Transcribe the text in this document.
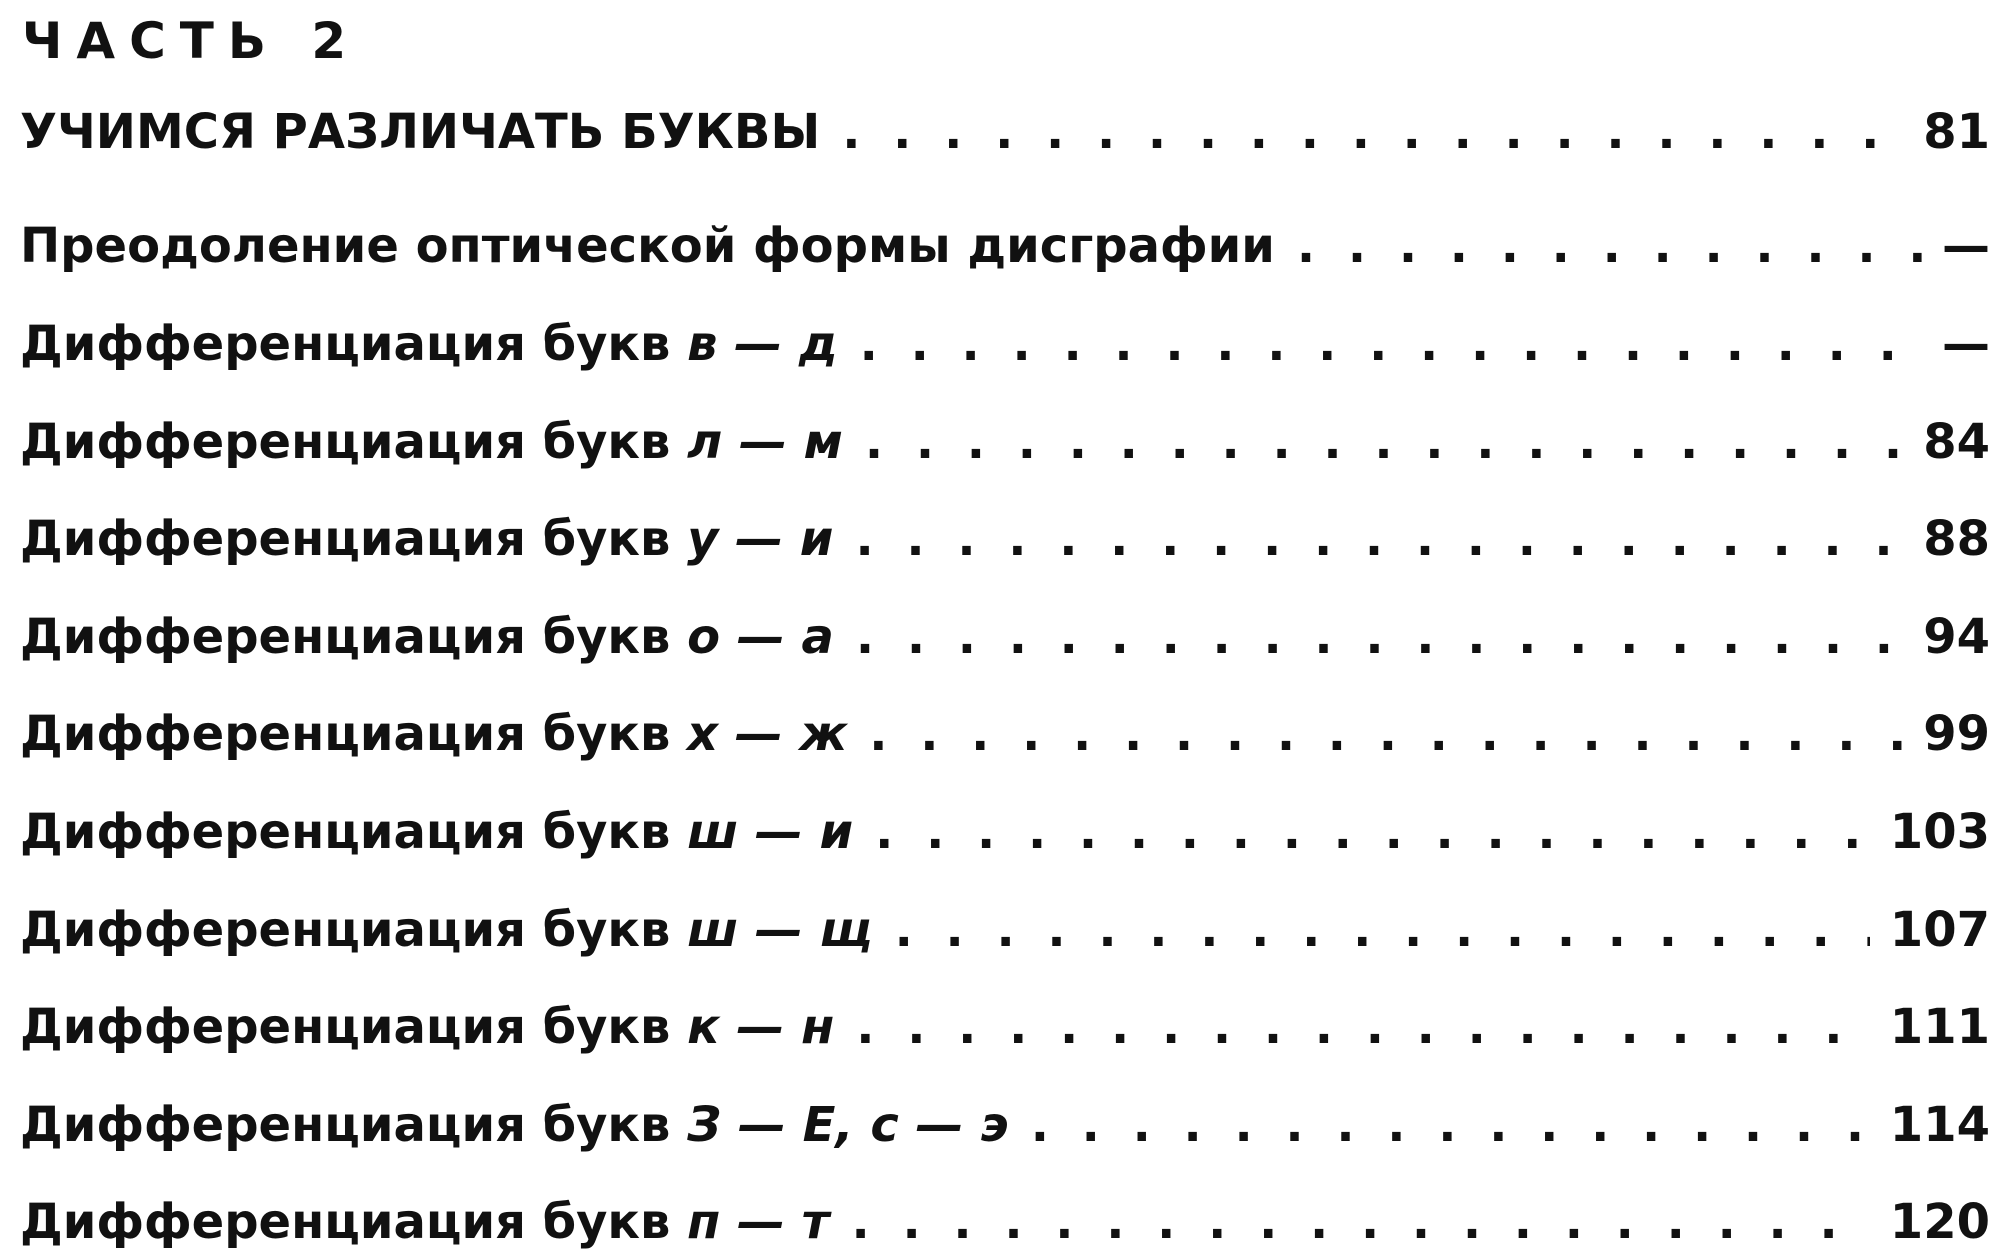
ЧАСТЬ 2
УЧИМСЯ РАЗЛИЧАТЬ БУКВЫ . . .	81
Преодоление оптической формы дисграфии . . .	—
Дифференциация букв в — д . . .	—
Дифференциация букв л — м . . .	84
Дифференциация букв у — и . . .	88
Дифференциация букв о — а . . .	94
Дифференциация букв х — ж . . .	99
Дифференциация букв ш — и . . .	103
Дифференциация букв ш — щ . . .	107
Дифференциация букв к — н . . .	111
Дифференциация букв З — Е, с — э . . .	114
Дифференциация букв п — т . . .	120
